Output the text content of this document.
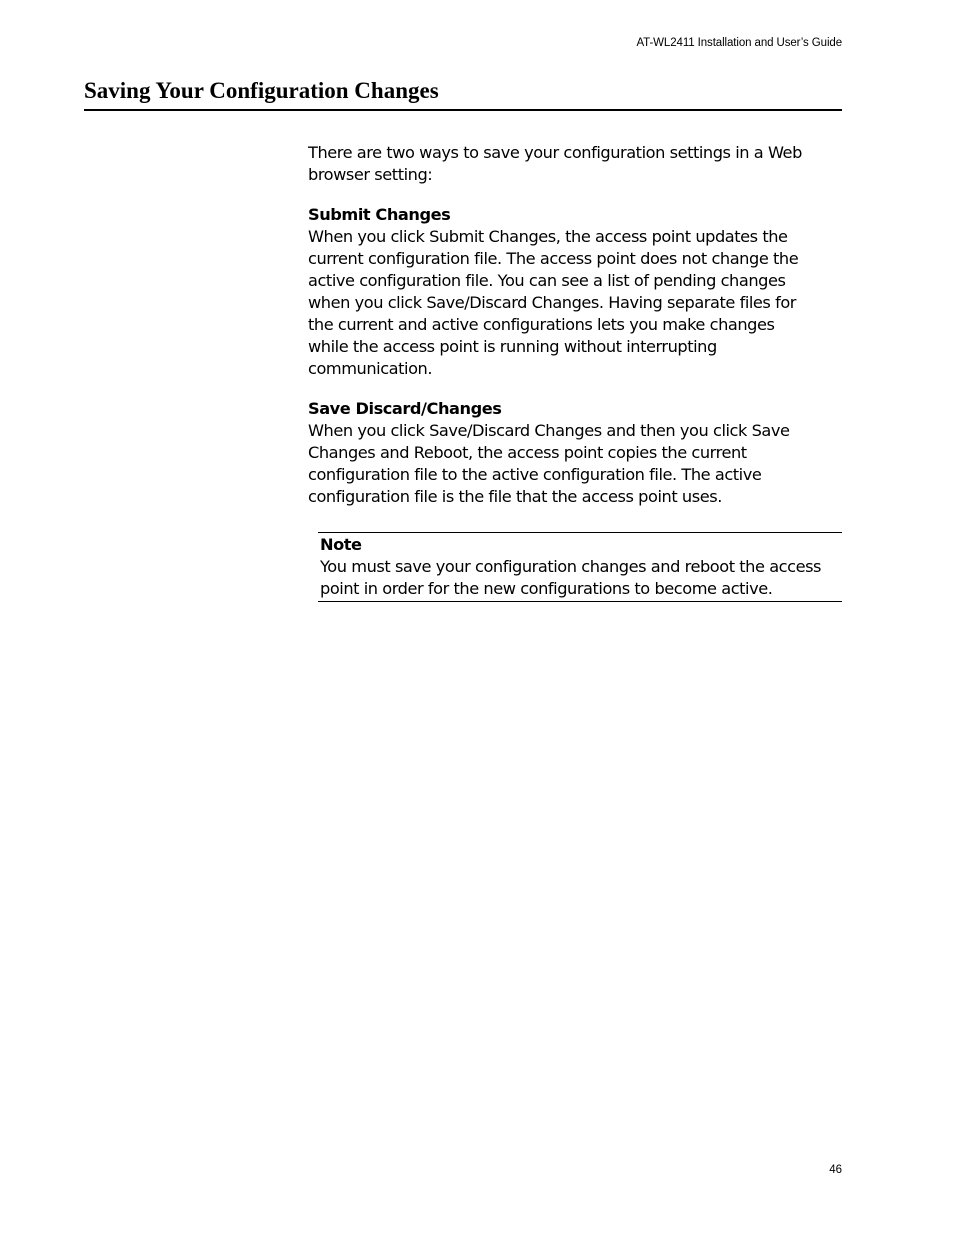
AT-WL2411 Installation and User’s Guide
Saving Your Configuration Changes

There are two ways to save your configuration settings in a Web browser setting:

Submit Changes

When you click Submit Changes, the access point updates the current configuration file. The access point does not change the active configuration file. You can see a list of pending changes when you click Save/Discard Changes. Having separate files for the current and active configurations lets you make changes while the access point is running without interrupting communication.

Save Discard/Changes

When you click Save/Discard Changes and then you click Save Changes and Reboot, the access point copies the current configuration file to the active configuration file. The active configuration file is the file that the access point uses.

Note

You must save your configuration changes and reboot the access point in order for the new configurations to become active.

46
